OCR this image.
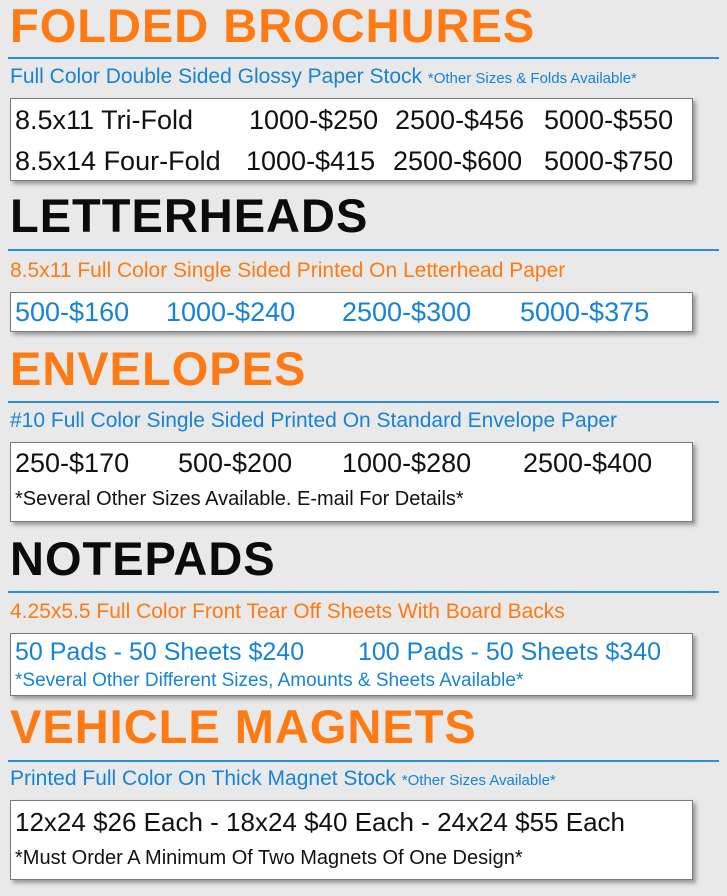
FOLDED BROCHURES

Full Color Double Sided Glossy Paper Stock *Other Sizes & Folds Available*

8.5x11 Tri-Fold 1000-$250 2500-$456 5000-$550
8.5x14 Four-Fold 1000-$415 2500-$600 5000-$750
LETTERHEADS

8.5x11 Full Color Single Sided Printed On Letterhead Paper

500-$160 1000-$240 2500-$300 5000-$375
ENVELOPES

#10 Full Color Single Sided Printed On Standard Envelope Paper

250-$170 500-$200 1000-$280 2500-$400
*Several Other Sizes Available. E-mail For Details*
NOTEPADS

4.25x5.5 Full Color Front Tear Off Sheets With Board Backs

50 Pads - 50 Sheets $240 100 Pads - 50 Sheets $340
*Several Other Different Sizes, Amounts & Sheets Available*
VEHICLE MAGNETS

Printed Full Color On Thick Magnet Stock *Other Sizes Available*

12x24 $26 Each - 18x24 $40 Each - 24x24 $55 Each
*Must Order A Minimum Of Two Magnets Of One Design*
